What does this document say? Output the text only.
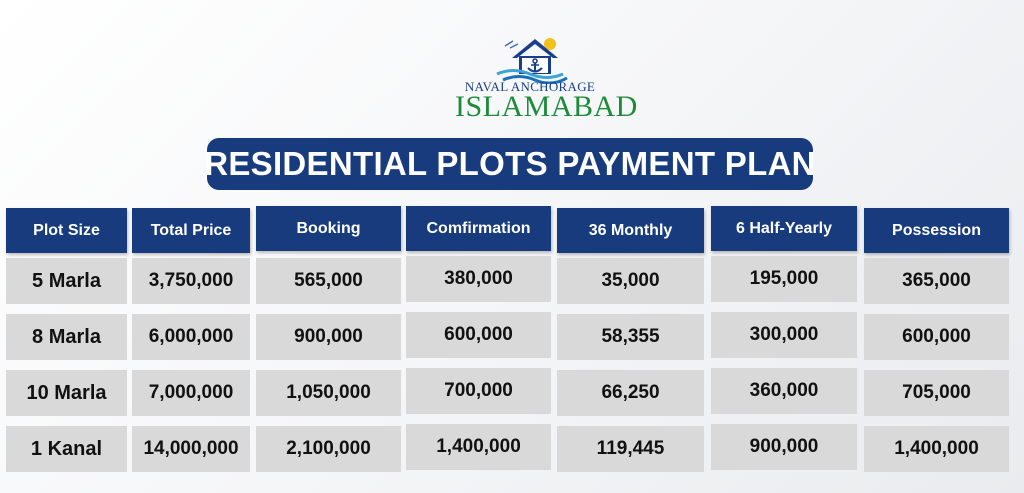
NAVAL ANCHORAGE
ISLAMABAD
RESIDENTIAL PLOTS PAYMENT PLAN
Plot Size	Total Price	Booking	Comfirmation	36 Monthly	6 Half-Yearly	Possession
5 Marla	3,750,000	565,000	380,000	35,000	195,000	365,000
8 Marla	6,000,000	900,000	600,000	58,355	300,000	600,000
10 Marla	7,000,000	1,050,000	700,000	66,250	360,000	705,000
1 Kanal	14,000,000	2,100,000	1,400,000	119,445	900,000	1,400,000
